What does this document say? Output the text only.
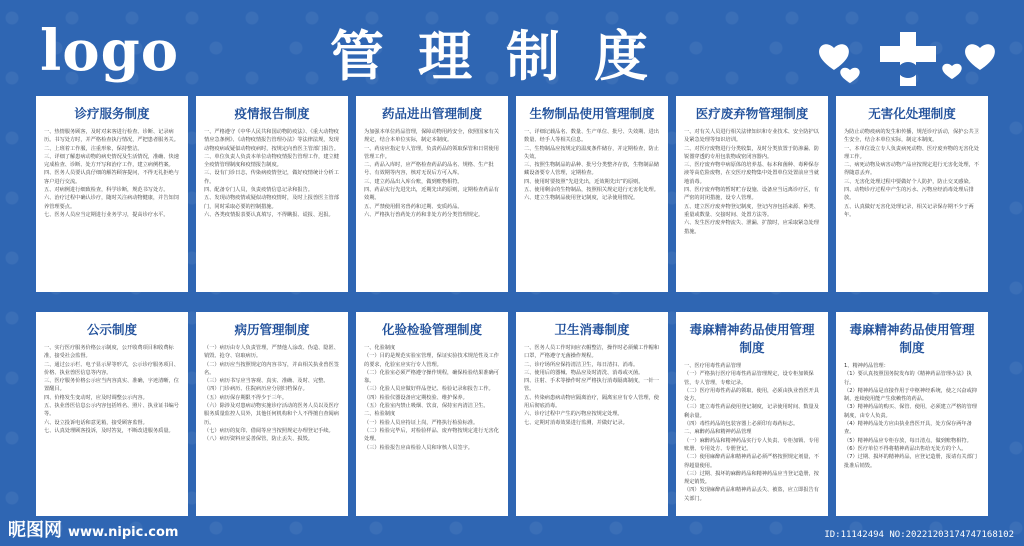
logo	管理制度
诊疗服务制度
一、热情服务顾客，及时对来客进行检查、诊断、记录病历。书写处方时，并严格检查执行情况，严把患者服务关。
二、上班着工作服，注重形象，保持整洁。
三、详细了解患病动物的病史情况及生活情况，准确、快速完成检查、诊断、处方开写和治疗工作，建立病例档案。
四、医务人员要认真仔细的解答顾客提问，不得无礼拒绝与客户进行交流。
五、对病例进行细致检查，科学诊断，规范书写处方。
六、治疗过程中确认诊疗，随时关注病动物健康，并告知饲养管理要点。
七、医务人员应当定期进行业务学习，提高诊疗水平。
疫情报告制度
一、严格遵守《中华人民共和国动物防疫法》、《重大动物疫情应急条例》、《动物疫情报告管理办法》等法律法规，发现动物疫病或疑似动物疫病时，按规定向兽医主管部门报告。
二、单位负责人负责本单位动物疫情报告管理工作，建立健全疫情管理制度和疫情报告制度。
三、设有门诊日志，传染病疫情登记，做好疫情统计分析工作。
四、配备专门人员，负责疫情信息记录和报告。
五、发现动物疫情或疑似动物疫情时，及时上报兽医主管部门，同时采取必要的控制措施。
六、各类疫情报表要认真填写，不得瞒报、谎报、迟报。
药品进出管理制度
为加强本单位药品管理，保障动物用药安全，依照国家有关规定，结合本单位实际，制定本制度。
一、药房应指定专人管理，负责药品的领取保管和日常使用管理工作。
二、药品入库时，应严格检查药品的品名、规格、生产批号、有效期等内容，核对无误后方可入库。
三、建立药品出入库台账，做到账物相符。
四、药品实行先进先出，近期先出的原则，定期检查药品有效期。
五、严禁使用假劣兽药和过期、变质药品。
六、严格执行兽药处方药和非处方药分类管理规定。
生物制品使用管理制度
一、详细记载品名、数量、生产单位、批号、失效期、进出数量、经手人等相关信息。
二、生物制品应按规定的温度条件储存，并定期检查，防止失效。
三、按照生物制品的品种、批号分类整齐存放，生物制品储藏设备要专人管理，定期检查。
四、使用时要按照“先进先出，近效期先出”的原则。
五、使用剩余的生物制品，按照相关规定进行无害化处理。
六、建立生物制品使用登记制度，记录使用情况。
医疗废弃物管理制度
一、对有关人员进行相关法律知识和专业技术、安全防护以及紧急处理等知识培训。
二、对医疗废物进行分类收集，及时分类放置于防渗漏、防锐器穿透的专用包装物或密闭容器内。
三、医疗废弃物中病原体的培养基、标本和菌种、毒种保存液等高危险废物，在交医疗废物集中处置单位处置前应当就地消毒。
四、医疗废弃物的暂时贮存设施、设备应当远离诊疗区，有严密的封闭措施，设专人管理。
五、建立医疗废弃物登记制度，登记内容包括来源、种类、重量或数量、交接时间、处置方法等。
六、发生医疗废弃物流失、泄漏、扩散时，应采取紧急处理措施。
无害化处理制度
为防止动物疫病的发生和传播，规范诊疗活动，保护公共卫生安全，结合本单位实际，制定本制度。
一、本单位设立专人负责病死动物、医疗废弃物的无害化处理工作。
二、病死动物及病害动物产品应按规定进行无害化处理，不得随意丢弃。
三、无害化处理过程中要做好个人防护，防止交叉感染。
四、动物诊疗过程中产生的污水、污物应经消毒处理后排放。
五、认真做好无害化处理记录，相关记录保存期不少于两年。
公示制度
一、实行医疗服务价格公示制度，公开收费项目和收费标准，接受社会监督。
二、通过公示栏、电子显示屏等形式，公示诊疗服务项目、价格、执业兽医信息等内容。
三、医疗服务价格公示应当内容真实、准确，字迹清晰，位置醒目。
四、价格发生变动时，应及时调整公示内容。
五、执业兽医信息公示内容包括姓名、照片、执业证书编号等。
六、设立投诉电话和意见箱，接受顾客监督。
七、认真处理顾客投诉，及时答复，不断改进服务质量。
病历管理制度
（一）病历由专人负责管理，严禁他人涂改、伪造、隐匿、销毁、抢夺、窃取病历。
（二）病历应当按照规定的内容书写，并由相关执业兽医签名。
（三）病历书写应当客观、真实、准确、及时、完整。
（四）门诊病历、住院病历应分别归档保存。
（五）病历保存期限不得少于三年。
（六）除涉及对患病动物实施诊疗活动的医务人员以及医疗服务质量监控人员外，其他任何机构和个人不得擅自查阅病历。
（七）病历的复印、借阅等应当按照规定办理登记手续。
（八）病历资料应妥善保管，防止丢失、损毁。
化验检验管理制度
一、化验制度
（一）目的是规范实验室管理，保证实验技术规范性及工作的要求，化验室应实行专人管理。
（二）化验室必须严格遵守操作规程，确保检验结果准确可靠。
（三）化验人员应做好样品登记、检验记录和报告工作。
（四）检验仪器设备应定期校验、维护保养。
（五）化验室内禁止吸烟、饮食，保持室内清洁卫生。
二、检验制度
（一）检验人员应持证上岗，严格执行检验标准。
（二）检验完毕后，对检验样品、废弃物按规定进行无害化处理。
（三）检验报告应由检验人员和审核人员签字。
卫生消毒制度
一、医务人员工作时间应衣帽整洁，操作时必须戴工作帽和口罩，严格遵守无菌操作规程。
二、诊疗场所应保持清洁卫生，每日清扫、消毒。
三、使用后的器械、物品应及时清洗、消毒或灭菌。
四、注射、手术等操作时应严格执行消毒隔离制度，一针一管。
五、传染病患病动物应隔离治疗，隔离室应有专人管理，使用后彻底消毒。
六、诊疗过程中产生的污物应按规定处理。
七、定期对消毒效果进行监测，并做好记录。
毒麻精神药品使用管理制度
一、医疗用毒性药品管理
（一）严格执行医疗用毒性药品管理规定，设专柜加锁保管，专人管理，专账记录。
（二）医疗用毒性药品的领取、使用，必须由执业兽医开具处方。
（三）建立毒性药品使用登记制度，记录使用时间、数量及剩余量。
（四）毒性药品的包装容器上必须印有毒药标志。
二、麻醉药品和精神药品管理
（一）麻醉药品和精神药品实行专人负责、专柜加锁、专用账册、专用处方、专册登记。
（二）使用麻醉药品和精神药品必须严格按照规定剂量，不得超量使用。
（三）过期、损坏的麻醉药品和精神药品应当登记造册，按规定销毁。
（四）发现麻醉药品和精神药品丢失、被盗，应立即报告有关部门。
毒麻精神药品使用管理制度
1、精神药品管理：
（1）要认真按照国务院发布的《精神药品管理办法》执行。
（2）精神药品是直接作用于中枢神经系统，使之兴奋或抑制，连续使用能产生依赖性的药品。
（3）精神药品的购买、保管、使用，必须建立严格的管理制度，由专人负责。
（4）精神药品处方应由执业兽医开具，处方保存两年备查。
（5）精神药品应专柜存放，每日清点，做到账物相符。
（6）医疗单位不得将精神药品出售给无处方的个人。
（7）过期、损坏的精神药品，应登记造册，报请有关部门批准后销毁。
昵图网 www.nipic.com	ID:11142494 NO:20221203174747168102
